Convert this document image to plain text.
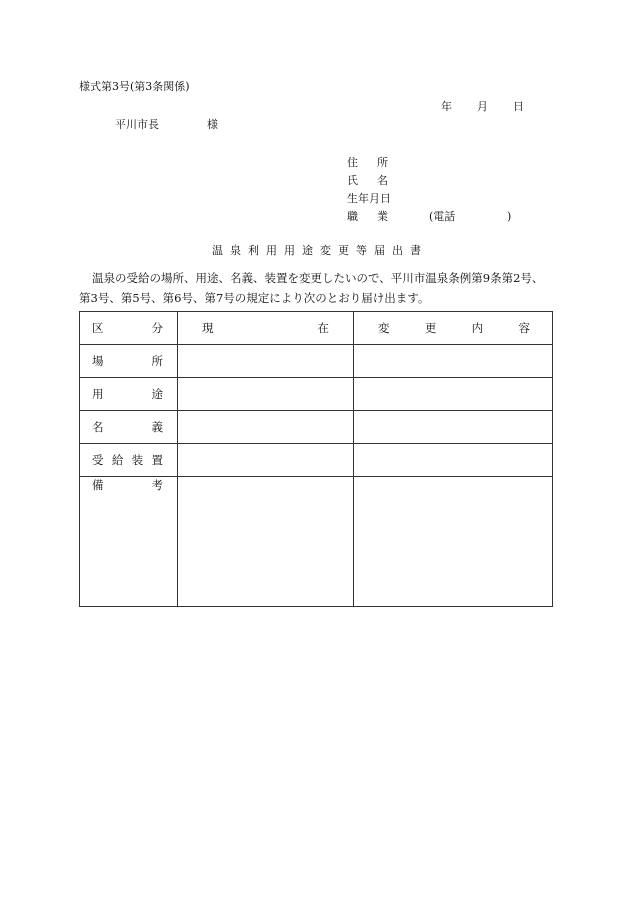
様式第3号(第3条関係)
年 月 日
平川市長	様
住所
氏名
生年月日
職業	(電話	)
温泉利用用途変更等届出書
温泉の受給の場所、用途、名義、装置を変更したいので、平川市温泉条例第9条第2号、第3号、第5号、第6号、第7号の規定により次のとおり届け出ます。
区 分	現 在	変 更 内 容

場 所		

用 途		

名 義		

受 給 装 置		

備 考		
